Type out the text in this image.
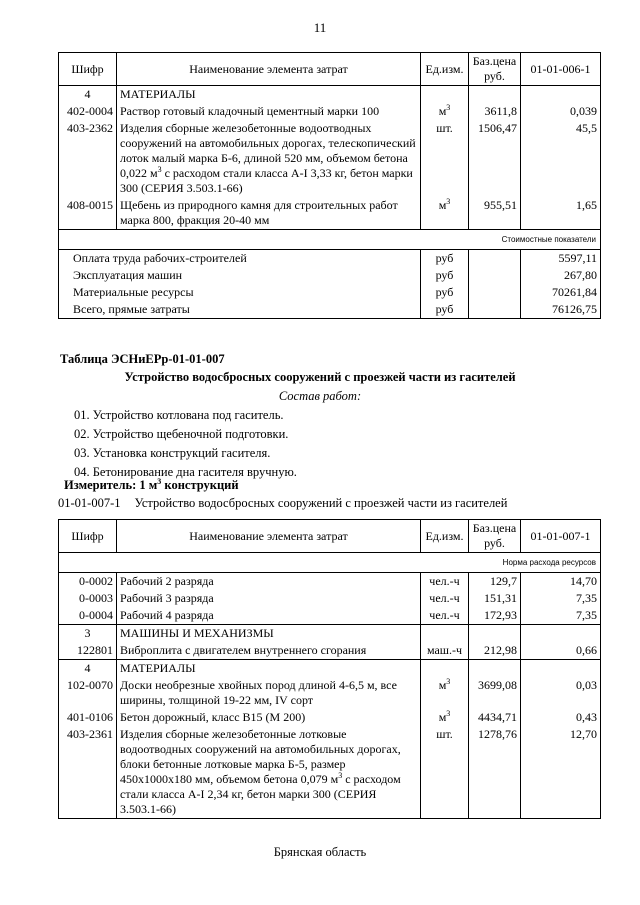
11
Шифр	Наименование элемента затрат	Ед.изм.	Баз.цена руб.	01-01-006-1
4	МАТЕРИАЛЫ			
402-0004	Раствор готовый кладочный цементный марки 100	$м^3$	3611,8	0,039
403-2362	Изделия сборные железобетонные водоотводных сооружений на автомобильных дорогах, телескопический лоток малый марка Б-6, длиной 520 мм, объемом бетона 0,022 $м^3$ с расходом стали класса А-I 3,33 кг, бетон марки 300 (СЕРИЯ 3.503.1-66)	шт.	1506,47	45,5
408-0015	Щебень из природного камня для строительных работ марка 800, фракция 20-40 мм	$м^3$	955,51	1,65
Стоимостные показатели				
Оплата труда рабочих-строителей		руб		5597,11
Эксплуатация машин		руб		267,80
Материальные ресурсы		руб		70261,84
Всего, прямые затраты		руб		76126,75
Таблица ЭСНиЕРр-01-01-007
Устройство водосбросных сооружений с проезжей части из гасителей
Состав работ:
01. Устройство котлована под гаситель.
02. Устройство щебеночной подготовки.
03. Установка конструкций гасителя.
04. Бетонирование дна гасителя вручную.
Измеритель: 1 $м^3$ конструкций
01-01-007-1 Устройство водосбросных сооружений с проезжей части из гасителей
Шифр	Наименование элемента затрат	Ед.изм.	Баз.цена руб.	01-01-007-1
Норма расхода ресурсов				
0-0002	Рабочий 2 разряда	чел.-ч	129,7	14,70
0-0003	Рабочий 3 разряда	чел.-ч	151,31	7,35
0-0004	Рабочий 4 разряда	чел.-ч	172,93	7,35
3	МАШИНЫ И МЕХАНИЗМЫ			
122801	Виброплита с двигателем внутреннего сгорания	маш.-ч	212,98	0,66
4	МАТЕРИАЛЫ			
102-0070	Доски необрезные хвойных пород длиной 4-6,5 м, все ширины, толщиной 19-22 мм, IV сорт	$м^3$	3699,08	0,03
401-0106	Бетон дорожный, класс В15 (М 200)	$м^3$	4434,71	0,43
403-2361	Изделия сборные железобетонные лотковые водоотводных сооружений на автомобильных дорогах, блоки бетонные лотковые марка Б-5, размер 450х1000х180 мм, объемом бетона 0,079 $м^3$ с расходом стали класса А-I 2,34 кг, бетон марки 300 (СЕРИЯ 3.503.1-66)	шт.	1278,76	12,70
Брянская область
